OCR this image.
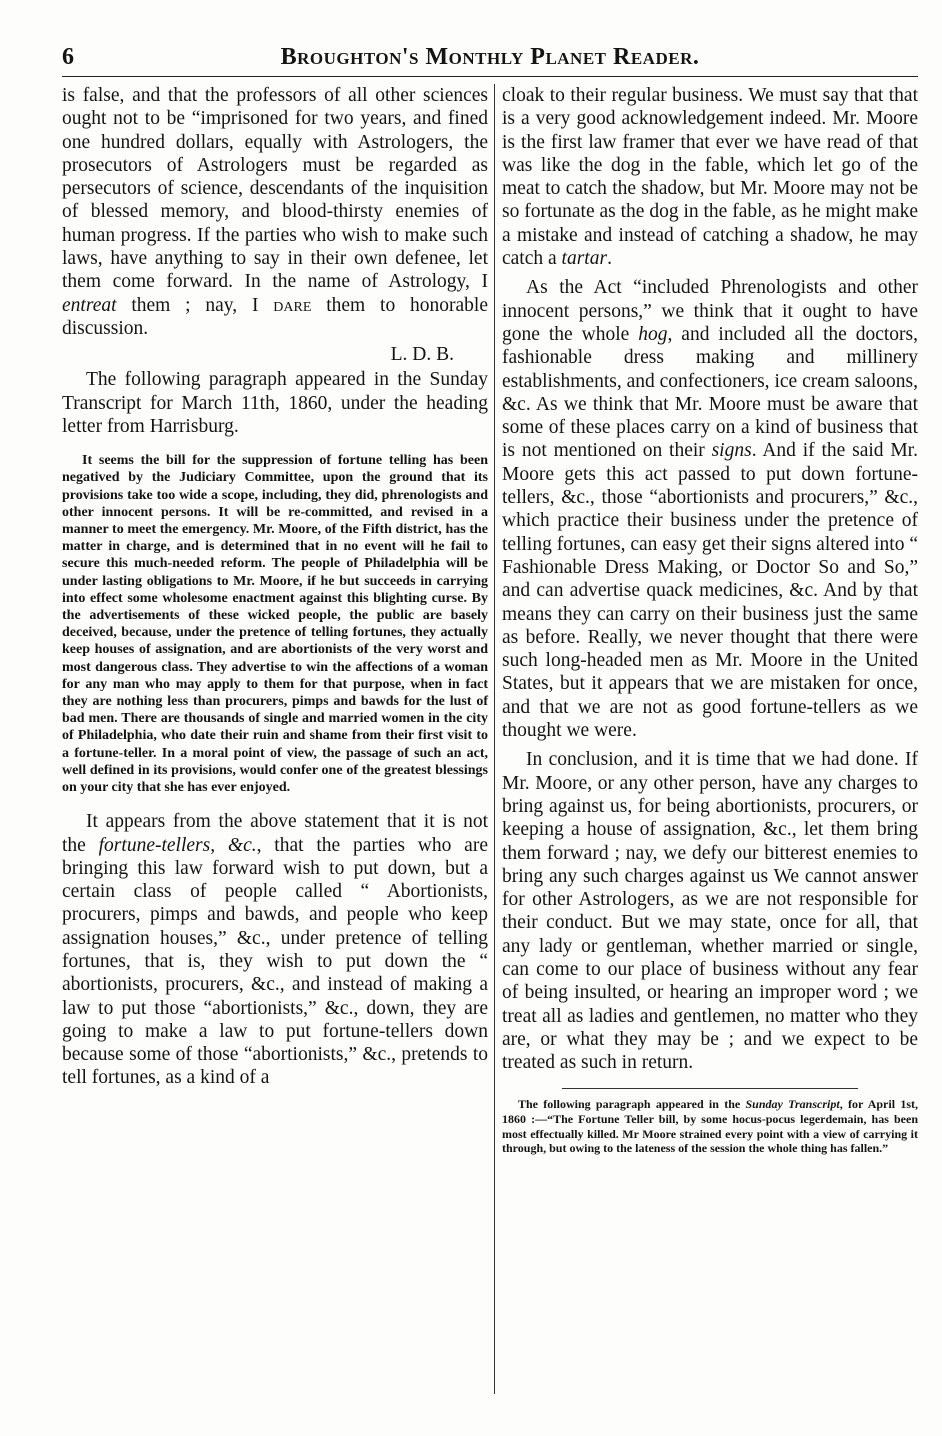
6	Broughton's Monthly Planet Reader.

is false, and that the professors of all other sciences ought not to be “imprisoned for two years, and fined one hundred dollars, equally with Astrologers, the prosecutors of Astrologers must be regarded as persecutors of science, descendants of the inquisition of blessed memory, and blood-thirsty enemies of human progress. If the parties who wish to make such laws, have anything to say in their own defenee, let them come forward. In the name of Astrology, I entreat them ; nay, I dare them to honorable discussion.

L. D. B.

The following paragraph appeared in the Sunday Transcript for March 11th, 1860, under the heading letter from Harrisburg.

It seems the bill for the suppression of fortune telling has been negatived by the Judiciary Committee, upon the ground that its provisions take too wide a scope, including, they did, phrenologists and other innocent persons. It will be re-committed, and revised in a manner to meet the emergency. Mr. Moore, of the Fifth district, has the matter in charge, and is determined that in no event will he fail to secure this much-needed reform. The people of Philadelphia will be under lasting obligations to Mr. Moore, if he but succeeds in carrying into effect some wholesome enactment against this blighting curse. By the advertisements of these wicked people, the public are basely deceived, because, under the pretence of telling fortunes, they actually keep houses of assignation, and are abortionists of the very worst and most dangerous class. They advertise to win the affections of a woman for any man who may apply to them for that purpose, when in fact they are nothing less than procurers, pimps and bawds for the lust of bad men. There are thousands of single and married women in the city of Philadelphia, who date their ruin and shame from their first visit to a fortune-teller. In a moral point of view, the passage of such an act, well defined in its provisions, would confer one of the greatest blessings on your city that she has ever enjoyed.

It appears from the above statement that it is not the fortune-tellers, &c., that the parties who are bringing this law forward wish to put down, but a certain class of people called “ Abortionists, procurers, pimps and bawds, and people who keep assignation houses,” &c., under pretence of telling fortunes, that is, they wish to put down the “ abortionists, procurers, &c., and instead of making a law to put those “abortionists,” &c., down, they are going to make a law to put fortune-tellers down because some of those “abortionists,” &c., pretends to tell fortunes, as a kind of a

cloak to their regular business. We must say that that is a very good acknowledgement indeed. Mr. Moore is the first law framer that ever we have read of that was like the dog in the fable, which let go of the meat to catch the shadow, but Mr. Moore may not be so fortunate as the dog in the fable, as he might make a mistake and instead of catching a shadow, he may catch a tartar.

As the Act “included Phrenologists and other innocent persons,” we think that it ought to have gone the whole hog, and included all the doctors, fashionable dress making and millinery establishments, and confectioners, ice cream saloons, &c. As we think that Mr. Moore must be aware that some of these places carry on a kind of business that is not mentioned on their signs. And if the said Mr. Moore gets this act passed to put down fortune-tellers, &c., those “abortionists and procurers,” &c., which practice their business under the pretence of telling fortunes, can easy get their signs altered into “ Fashionable Dress Making, or Doctor So and So,” and can advertise quack medicines, &c. And by that means they can carry on their business just the same as before. Really, we never thought that there were such long-headed men as Mr. Moore in the United States, but it appears that we are mistaken for once, and that we are not as good fortune-tellers as we thought we were.

In conclusion, and it is time that we had done. If Mr. Moore, or any other person, have any charges to bring against us, for being abortionists, procurers, or keeping a house of assignation, &c., let them bring them forward ; nay, we defy our bitterest enemies to bring any such charges against us We cannot answer for other Astrologers, as we are not responsible for their conduct. But we may state, once for all, that any lady or gentleman, whether married or single, can come to our place of business without any fear of being insulted, or hearing an improper word ; we treat all as ladies and gentlemen, no matter who they are, or what they may be ; and we expect to be treated as such in return.

The following paragraph appeared in the Sunday Transcript, for April 1st, 1860 :—“The Fortune Teller bill, by some hocus-pocus legerdemain, has been most effectually killed. Mr Moore strained every point with a view of carrying it through, but owing to the lateness of the session the whole thing has fallen.”
